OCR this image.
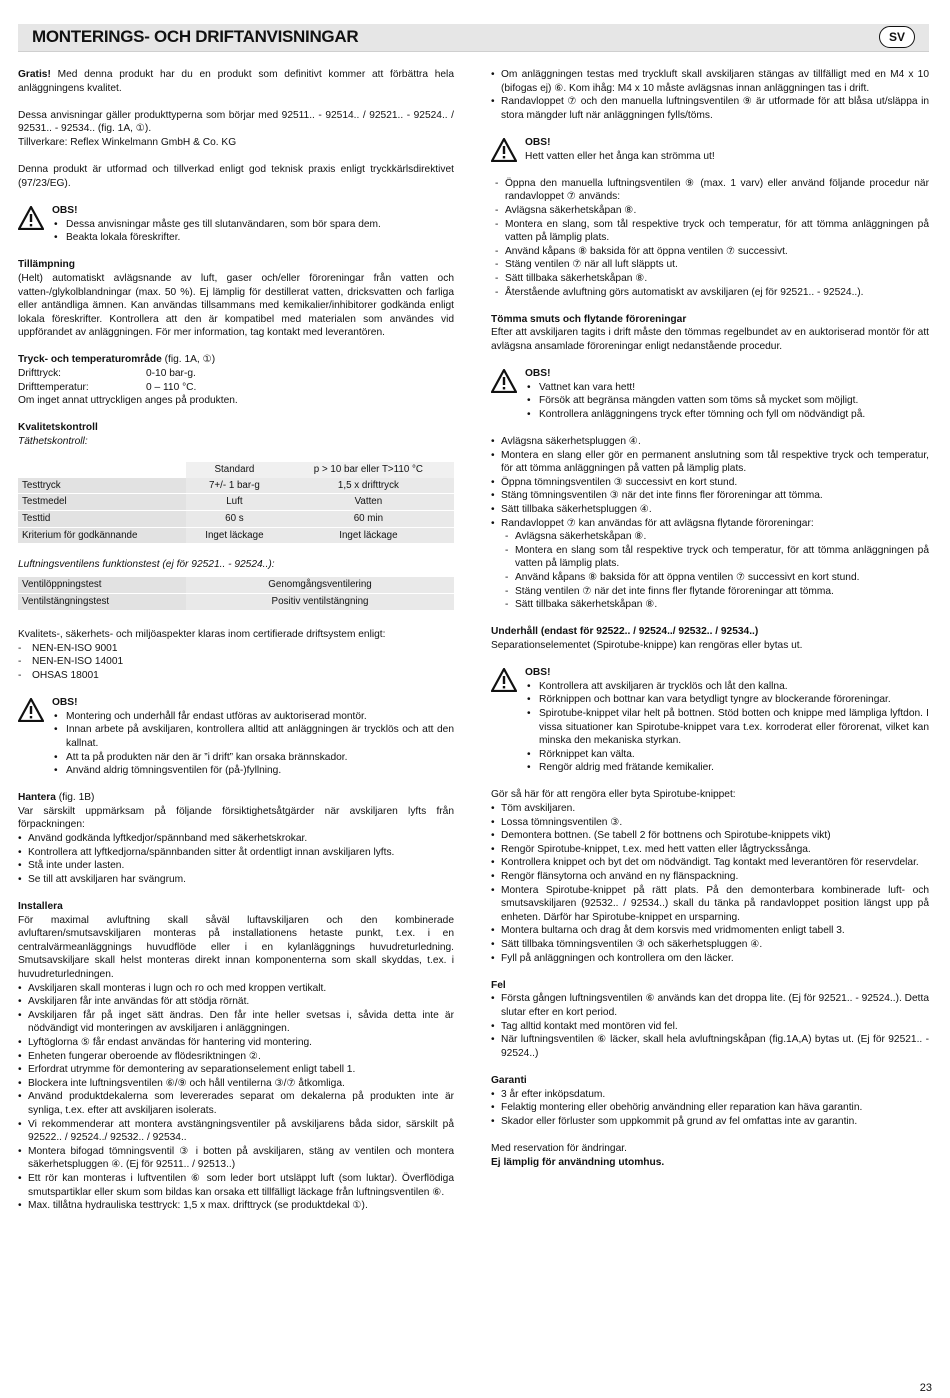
MONTERINGS- OCH DRIFTANVISNINGAR	SV

Gratis! Med denna produkt har du en produkt som definitivt kommer att förbättra hela anläggningens kvalitet.

Dessa anvisningar gäller produkttyperna som börjar med 92511.. - 92514.. / 92521.. - 92524.. / 92531.. - 92534.. (fig. 1A, ①).
Tillverkare: Reflex Winkelmann GmbH & Co. KG

Denna produkt är utformad och tillverkad enligt god teknisk praxis enligt tryckkärlsdirektivet (97/23/EG).

OBS!
• Dessa anvisningar måste ges till slutanvändaren, som bör spara dem.
• Beakta lokala föreskrifter.
Tillämpning

(Helt) automatiskt avlägsnande av luft, gaser och/eller föroreningar från vatten och vatten-/glykolblandningar (max. 50 %). Ej lämplig för destillerat vatten, dricksvatten och farliga eller antändliga ämnen. Kan användas tillsammans med kemikalier/inhibitorer godkända enligt lokala föreskrifter. Kontrollera att den är kompatibel med materialen som användes vid uppförandet av anläggningen. För mer information, tag kontakt med leverantören.

Tryck- och temperaturområde (fig. 1A, ①)
Drifttryck:	0-10 bar-g.
Drifttemperatur:	0 – 110 °C.

Om inget annat uttryckligen anges på produkten.

Kvalitetskontroll
Täthetskontroll:
	Standard	p > 10 bar eller T>110 °C
Testtryck	7+/- 1 bar-g	1,5 x drifttryck
Testmedel	Luft	Vatten
Testtid	60 s	60 min
Kriterium för godkännande	Inget läckage	Inget läckage
Luftningsventilens funktionstest (ej för 92521.. - 92524..):
Ventilöppningstest	Genomgångsventilering
Ventilstängningstest	Positiv ventilstängning
Kvalitets-, säkerhets- och miljöaspekter klaras inom certifierade driftsystem enligt:
- NEN-EN-ISO 9001
- NEN-EN-ISO 14001
- OHSAS 18001
OBS!
• Montering och underhåll får endast utföras av auktoriserad montör.
• Innan arbete på avskiljaren, kontrollera alltid att anläggningen är trycklös och att den kallnat.
• Att ta på produkten när den är ”i drift” kan orsaka brännskador.
• Använd aldrig tömningsventilen för (på-)fyllning.
Hantera (fig. 1B)
Var särskilt uppmärksam på följande försiktighetsåtgärder när avskiljaren lyfts från förpackningen:
• Använd godkända lyftkedjor/spännband med säkerhetskrokar.
• Kontrollera att lyftkedjorna/spännbanden sitter åt ordentligt innan avskiljaren lyfts.
• Stå inte under lasten.
• Se till att avskiljaren har svängrum.
Installera
För maximal avluftning skall såväl luftavskiljaren och den kombinerade avluftaren/smutsavskiljaren monteras på installationens hetaste punkt, t.ex. i en centralvärmeanläggnings huvudflöde eller i en kylanläggnings huvudreturledning. Smutsavskiljare skall helst monteras direkt innan komponenterna som skall skyddas, t.ex. i huvudreturledningen.
• Avskiljaren skall monteras i lugn och ro och med kroppen vertikalt.
• Avskiljaren får inte användas för att stödja rörnät.
• Avskiljaren får på inget sätt ändras. Den får inte heller svetsas i, såvida detta inte är nödvändigt vid monteringen av avskiljaren i anläggningen.
• Lyftöglorna ⑤ får endast användas för hantering vid montering.
• Enheten fungerar oberoende av flödesriktningen ②.
• Erfordrat utrymme för demontering av separationselement enligt tabell 1.
• Blockera inte luftningsventilen ⑥/⑨ och håll ventilerna ③/⑦ åtkomliga.
• Använd produktdekalerna som levererades separat om dekalerna på produkten inte är synliga, t.ex. efter att avskiljaren isolerats.
• Vi rekommenderar att montera avstängningsventiler på avskiljarens båda sidor, särskilt på 92522.. / 92524../ 92532.. / 92534..
• Montera bifogad tömningsventil ③ i botten på avskiljaren, stäng av ventilen och montera säkerhetspluggen ④. (Ej för 92511.. / 92513..)
• Ett rör kan monteras i luftventilen ⑥ som leder bort utsläppt luft (som luktar). Överflödiga smutspartiklar eller skum som bildas kan orsaka ett tillfälligt läckage från luftningsventilen ⑥.
• Max. tillåtna hydrauliska testtryck: 1,5 x max. drifttryck (se produktdekal ①).
• Om anläggningen testas med tryckluft skall avskiljaren stängas av tillfälligt med en M4 x 10 (bifogas ej) ⑥. Kom ihåg: M4 x 10 måste avlägsnas innan anläggningen tas i drift.
• Randavloppet ⑦ och den manuella luftningsventilen ⑨ är utformade för att blåsa ut/släppa in stora mängder luft när anläggningen fylls/töms.
OBS!
Hett vatten eller het ånga kan strömma ut!
- Öppna den manuella luftningsventilen ⑨ (max. 1 varv) eller använd följande procedur när randavloppet ⑦ används:
- Avlägsna säkerhetskåpan ⑧.
- Montera en slang, som tål respektive tryck och temperatur, för att tömma anläggningen på vatten på lämplig plats.
- Använd kåpans ⑧ baksida för att öppna ventilen ⑦ successivt.
- Stäng ventilen ⑦ när all luft släppts ut.
- Sätt tillbaka säkerhetskåpan ⑧.
- Återstående avluftning görs automatiskt av avskiljaren (ej för 92521.. - 92524..).
Tömma smuts och flytande föroreningar

Efter att avskiljaren tagits i drift måste den tömmas regelbundet av en auktoriserad montör för att avlägsna ansamlade föroreningar enligt nedanstående procedur.

OBS!
• Vattnet kan vara hett!
• Försök att begränsa mängden vatten som töms så mycket som möjligt.
• Kontrollera anläggningens tryck efter tömning och fyll om nödvändigt på.
• Avlägsna säkerhetspluggen ④.
• Montera en slang eller gör en permanent anslutning som tål respektive tryck och temperatur, för att tömma anläggningen på vatten på lämplig plats.
• Öppna tömningsventilen ③ successivt en kort stund.
• Stäng tömningsventilen ③ när det inte finns fler föroreningar att tömma.
• Sätt tillbaka säkerhetspluggen ④.
• Randavloppet ⑦ kan användas för att avlägsna flytande föroreningar:
- Avlägsna säkerhetskåpan ⑧.
- Montera en slang som tål respektive tryck och temperatur, för att tömma anläggningen på vatten på lämplig plats.
- Använd kåpans ⑧ baksida för att öppna ventilen ⑦ successivt en kort stund.
- Stäng ventilen ⑦ när det inte finns fler flytande föroreningar att tömma.
- Sätt tillbaka säkerhetskåpan ⑧.
Underhåll (endast för 92522.. / 92524../ 92532.. / 92534..)

Separationselementet (Spirotube-knippe) kan rengöras eller bytas ut.

OBS!
• Kontrollera att avskiljaren är trycklös och låt den kallna.
• Rörknippen och bottnar kan vara betydligt tyngre av blockerande föroreningar.
• Spirotube-knippet vilar helt på bottnen. Stöd botten och knippe med lämpliga lyftdon. I vissa situationer kan Spirotube-knippet vara t.ex. korroderat eller förorenat, vilket kan minska den mekaniska styrkan.
• Rörknippet kan välta.
• Rengör aldrig med frätande kemikalier.
Gör så här för att rengöra eller byta Spirotube-knippet:
• Töm avskiljaren.
• Lossa tömningsventilen ③.
• Demontera bottnen. (Se tabell 2 för bottnens och Spirotube-knippets vikt)
• Rengör Spirotube-knippet, t.ex. med hett vatten eller lågtryckssånga.
• Kontrollera knippet och byt det om nödvändigt. Tag kontakt med leverantören för reservdelar.
• Rengör flänsytorna och använd en ny flänspackning.
• Montera Spirotube-knippet på rätt plats. På den demonterbara kombinerade luft- och smutsavskiljaren (92532.. / 92534..) skall du tänka på randavloppet position längst upp på enheten. Därför har Spirotube-knippet en ursparning.
• Montera bultarna och drag åt dem korsvis med vridmomenten enligt tabell 3.
• Sätt tillbaka tömningsventilen ③ och säkerhetspluggen ④.
• Fyll på anläggningen och kontrollera om den läcker.
Fel
• Första gången luftningsventilen ⑥ används kan det droppa lite. (Ej för 92521.. - 92524..). Detta slutar efter en kort period.
• Tag alltid kontakt med montören vid fel.
• När luftningsventilen ⑥ läcker, skall hela avluftningskåpan (fig.1A,A) bytas ut. (Ej för 92521.. - 92524..)
Garanti
• 3 år efter inköpsdatum.
• Felaktig montering eller obehörig användning eller reparation kan häva garantin.
• Skador eller förluster som uppkommit på grund av fel omfattas inte av garantin.
Med reservation för ändringar.
Ej lämplig för användning utomhus.
23
